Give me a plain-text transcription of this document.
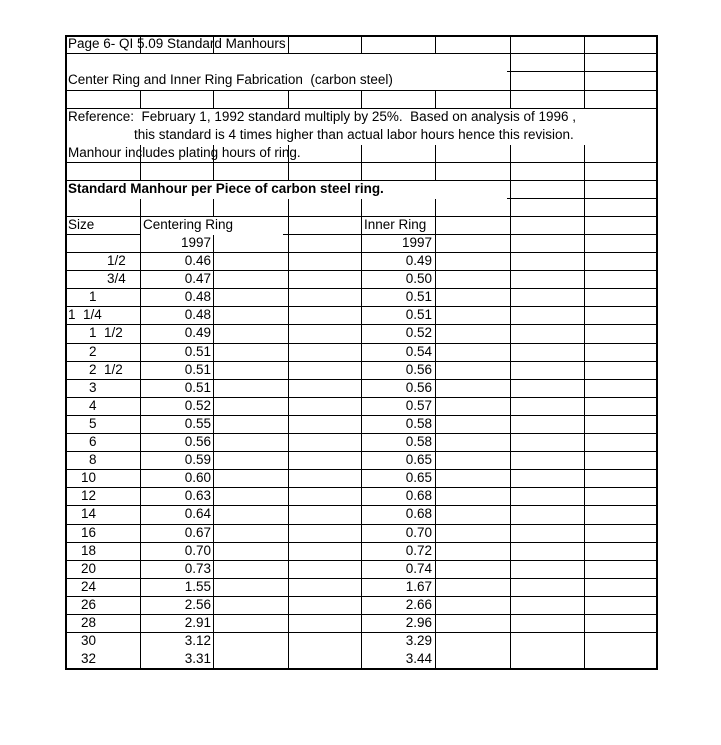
Page 6- QI 5.09 Standard Manhours
Center Ring and Inner Ring Fabrication  (carbon steel)
Reference:  February 1, 1992 standard multiply by 25%.  Based on analysis of 1996 ,
this standard is 4 times higher than actual labor hours hence this revision.
Manhour includes plating hours of ring.
Standard Manhour per Piece of carbon steel ring.
Size	Centering Ring	Inner Ring
1997	1997
1/2	0.46	0.49
3/4	0.47	0.50
1	0.48	0.51
1  1/4	0.48	0.51
1  1/2	0.49	0.52
2	0.51	0.54
2  1/2	0.51	0.56
3	0.51	0.56
4	0.52	0.57
5	0.55	0.58
6	0.56	0.58
8	0.59	0.65
10	0.60	0.65
12	0.63	0.68
14	0.64	0.68
16	0.67	0.70
18	0.70	0.72
20	0.73	0.74
24	1.55	1.67
26	2.56	2.66
28	2.91	2.96
30	3.12	3.29
32	3.31	3.44
